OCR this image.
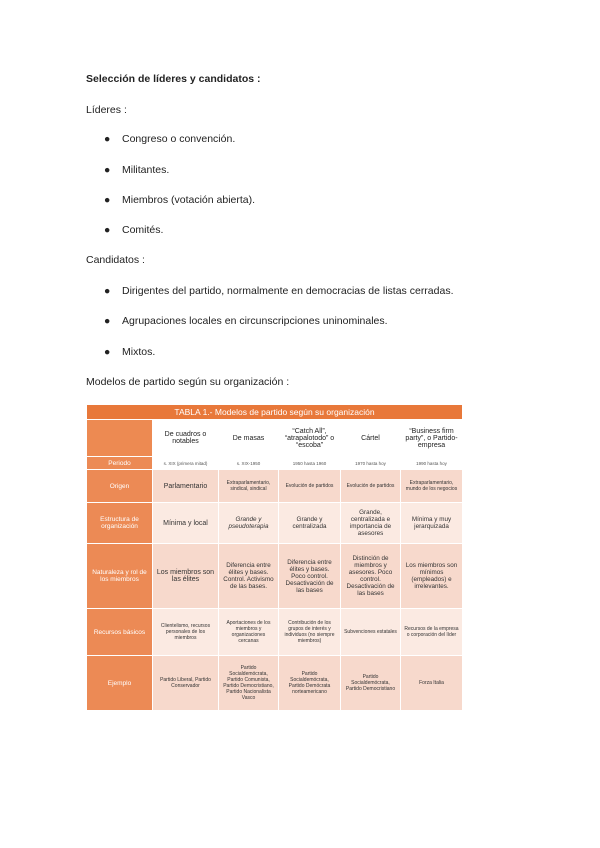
Selección de líderes y candidatos :
Líderes :
● Congreso o convención.
● Militantes.
● Miembros (votación abierta).
● Comités.
Candidatos :
● Dirigentes del partido, normalmente en democracias de listas cerradas.
● Agrupaciones locales en circunscripciones uninominales.
● Mixtos.
Modelos de partido según su organización :
TABLA 1.- Modelos de partido según su organización					
	De cuadros o notables	De masas	“Catch All”, “atrapalotodo” o “escoba”	Cártel	“Business firm party”, o Partido-empresa
Periodo	s. XIX (primera mitad)	s. XIX-1950	1950 hasta 1960	1970 hasta hoy	1990 hasta hoy
Origen	Parlamentario	Extraparlamentario, sindical, sindical	Evolución de partidos	Evolución de partidos	Extraparlamentario, mundo de los negocios
Estructura de organización	Mínima y local	Grande y pseudoterapia	Grande y centralizada	Grande, centralizada e importancia de asesores	Mínima y muy jerarquizada
Naturaleza y rol de los miembros	Los miembros son las élites	Diferencia entre élites y bases. Control. Activismo de las bases.	Diferencia entre élites y bases. Poco control. Desactivación de las bases	Distinción de miembros y asesores. Poco control. Desactivación de las bases	Los miembros son mínimos (empleados) e irrelevantes.
Recursos básicos	Clientelismo, recursos personales de los miembros	Aportaciones de los miembros y organizaciones cercanas	Contribución de los grupos de interés y individuos (no siempre miembros)	Subvenciones estatales	Recursos de la empresa o corporación del líder
Ejemplo	Partido Liberal, Partido Conservador	Partido Socialdemócrata, Partido Comunista, Partido Democristiano, Partido Nacionalista Vasco	Partido Socialdemócrata, Partido Demócrata norteamericano	Partido Socialdemócrata, Partido Democristiano	Forza Italia
